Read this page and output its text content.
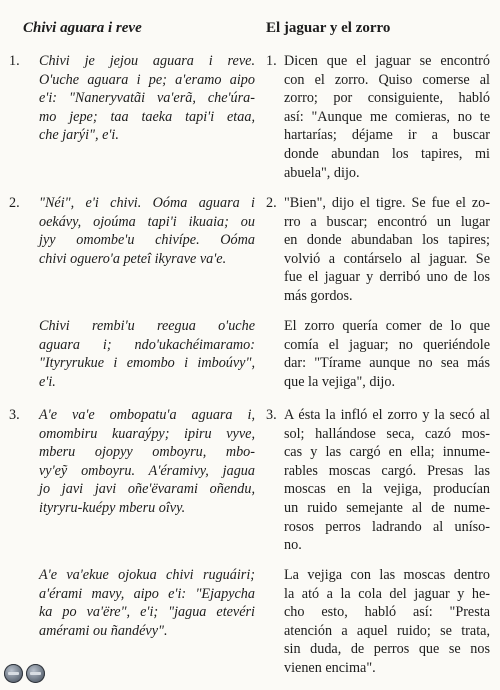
Chivi aguara i reve
1. Chivi je jejou aguara i reve.
O'uche aguara i pe; a'eramo aipo
e'i: "Naneryvatãi va'erã, che'úra-
mo jepe; taa taeka tapi'i etaa,
che jarýi", e'i.
2. "Néi", e'i chivi. Oóma aguara i
oekávy, ojoúma tapi'i ikuaia; ou
jyy omombe'u chivípe. Oóma
chivi oguero'a peteî ikyrave va'e.
Chivi rembi'u reegua o'uche
aguara i; ndo'ukachéimaramo:
"Ityryrukue i emombo i imboúvy",
e'i.
3. A'e va'e ombopatu'a aguara i,
omombiru kuaraýpy; ipiru vyve,
mberu ojopyy omboyru, mbo-
vy'eỹ omboyru. A'éramivy, jagua
jo javi javi oñe'ëvarami oñendu,
ityryru-kuépy mberu oîvy.
A'e va'ekue ojokua chivi ruguáiri;
a'érami mavy, aipo e'i: "Ejapycha
ka po va'ëre", e'i; "jagua etevéri
amérami ou ñandévy".
El jaguar y el zorro
1. Dicen que el jaguar se encontró
con el zorro. Quiso comerse al
zorro; por consiguiente, habló
así: "Aunque me comieras, no te
hartarías; déjame ir a buscar
donde abundan los tapires, mi
abuela", dijo.
2. "Bien", dijo el tigre. Se fue el zo-
rro a buscar; encontró un lugar
en donde abundaban los tapires;
volvió a contárselo al jaguar. Se
fue el jaguar y derribó uno de los
más gordos.
El zorro quería comer de lo que
comía el jaguar; no queriéndole
dar: "Tírame aunque no sea más
que la vejiga", dijo.
3. A ésta la infló el zorro y la secó al
sol; hallándose seca, cazó mos-
cas y las cargó en ella; innume-
rables moscas cargó. Presas las
moscas en la vejiga, producían
un ruido semejante al de nume-
rosos perros ladrando al uníso-
no.
La vejiga con las moscas dentro
la ató a la cola del jaguar y he-
cho esto, habló así: "Presta
atención a aquel ruido; se trata,
sin duda, de perros que se nos
vienen encima".
